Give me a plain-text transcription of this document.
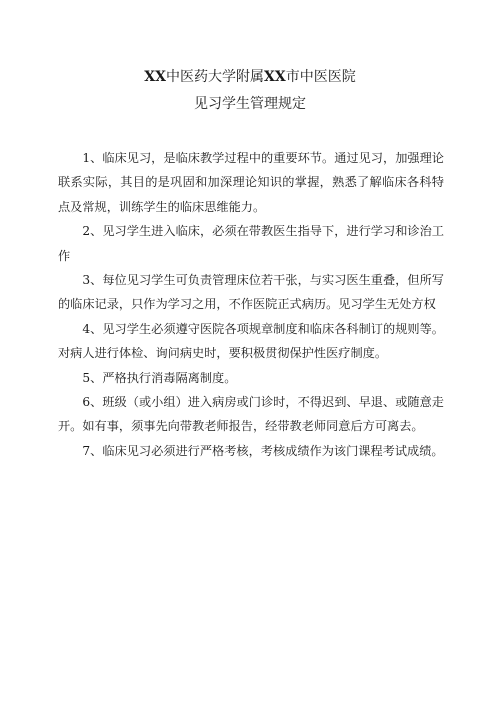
XX中医药大学附属XX市中医医院
见习学生管理规定

1、临床见习，是临床教学过程中的重要环节。通过见习，加强理论联系实际，其目的是巩固和加深理论知识的掌握，熟悉了解临床各科特点及常规，训练学生的临床思维能力。

2、见习学生进入临床，必须在带教医生指导下，进行学习和诊治工作

3、每位见习学生可负责管理床位若干张，与实习医生重叠，但所写的临床记录，只作为学习之用，不作医院正式病历。见习学生无处方权

4、见习学生必须遵守医院各项规章制度和临床各科制订的规则等。对病人进行体检、询问病史时，要积极贯彻保护性医疗制度。

5、严格执行消毒隔离制度。

6、班级（或小组）进入病房或门诊时，不得迟到、早退、或随意走开。如有事，须事先向带教老师报告，经带教老师同意后方可离去。

7、临床见习必须进行严格考核，考核成绩作为该门课程考试成绩。
